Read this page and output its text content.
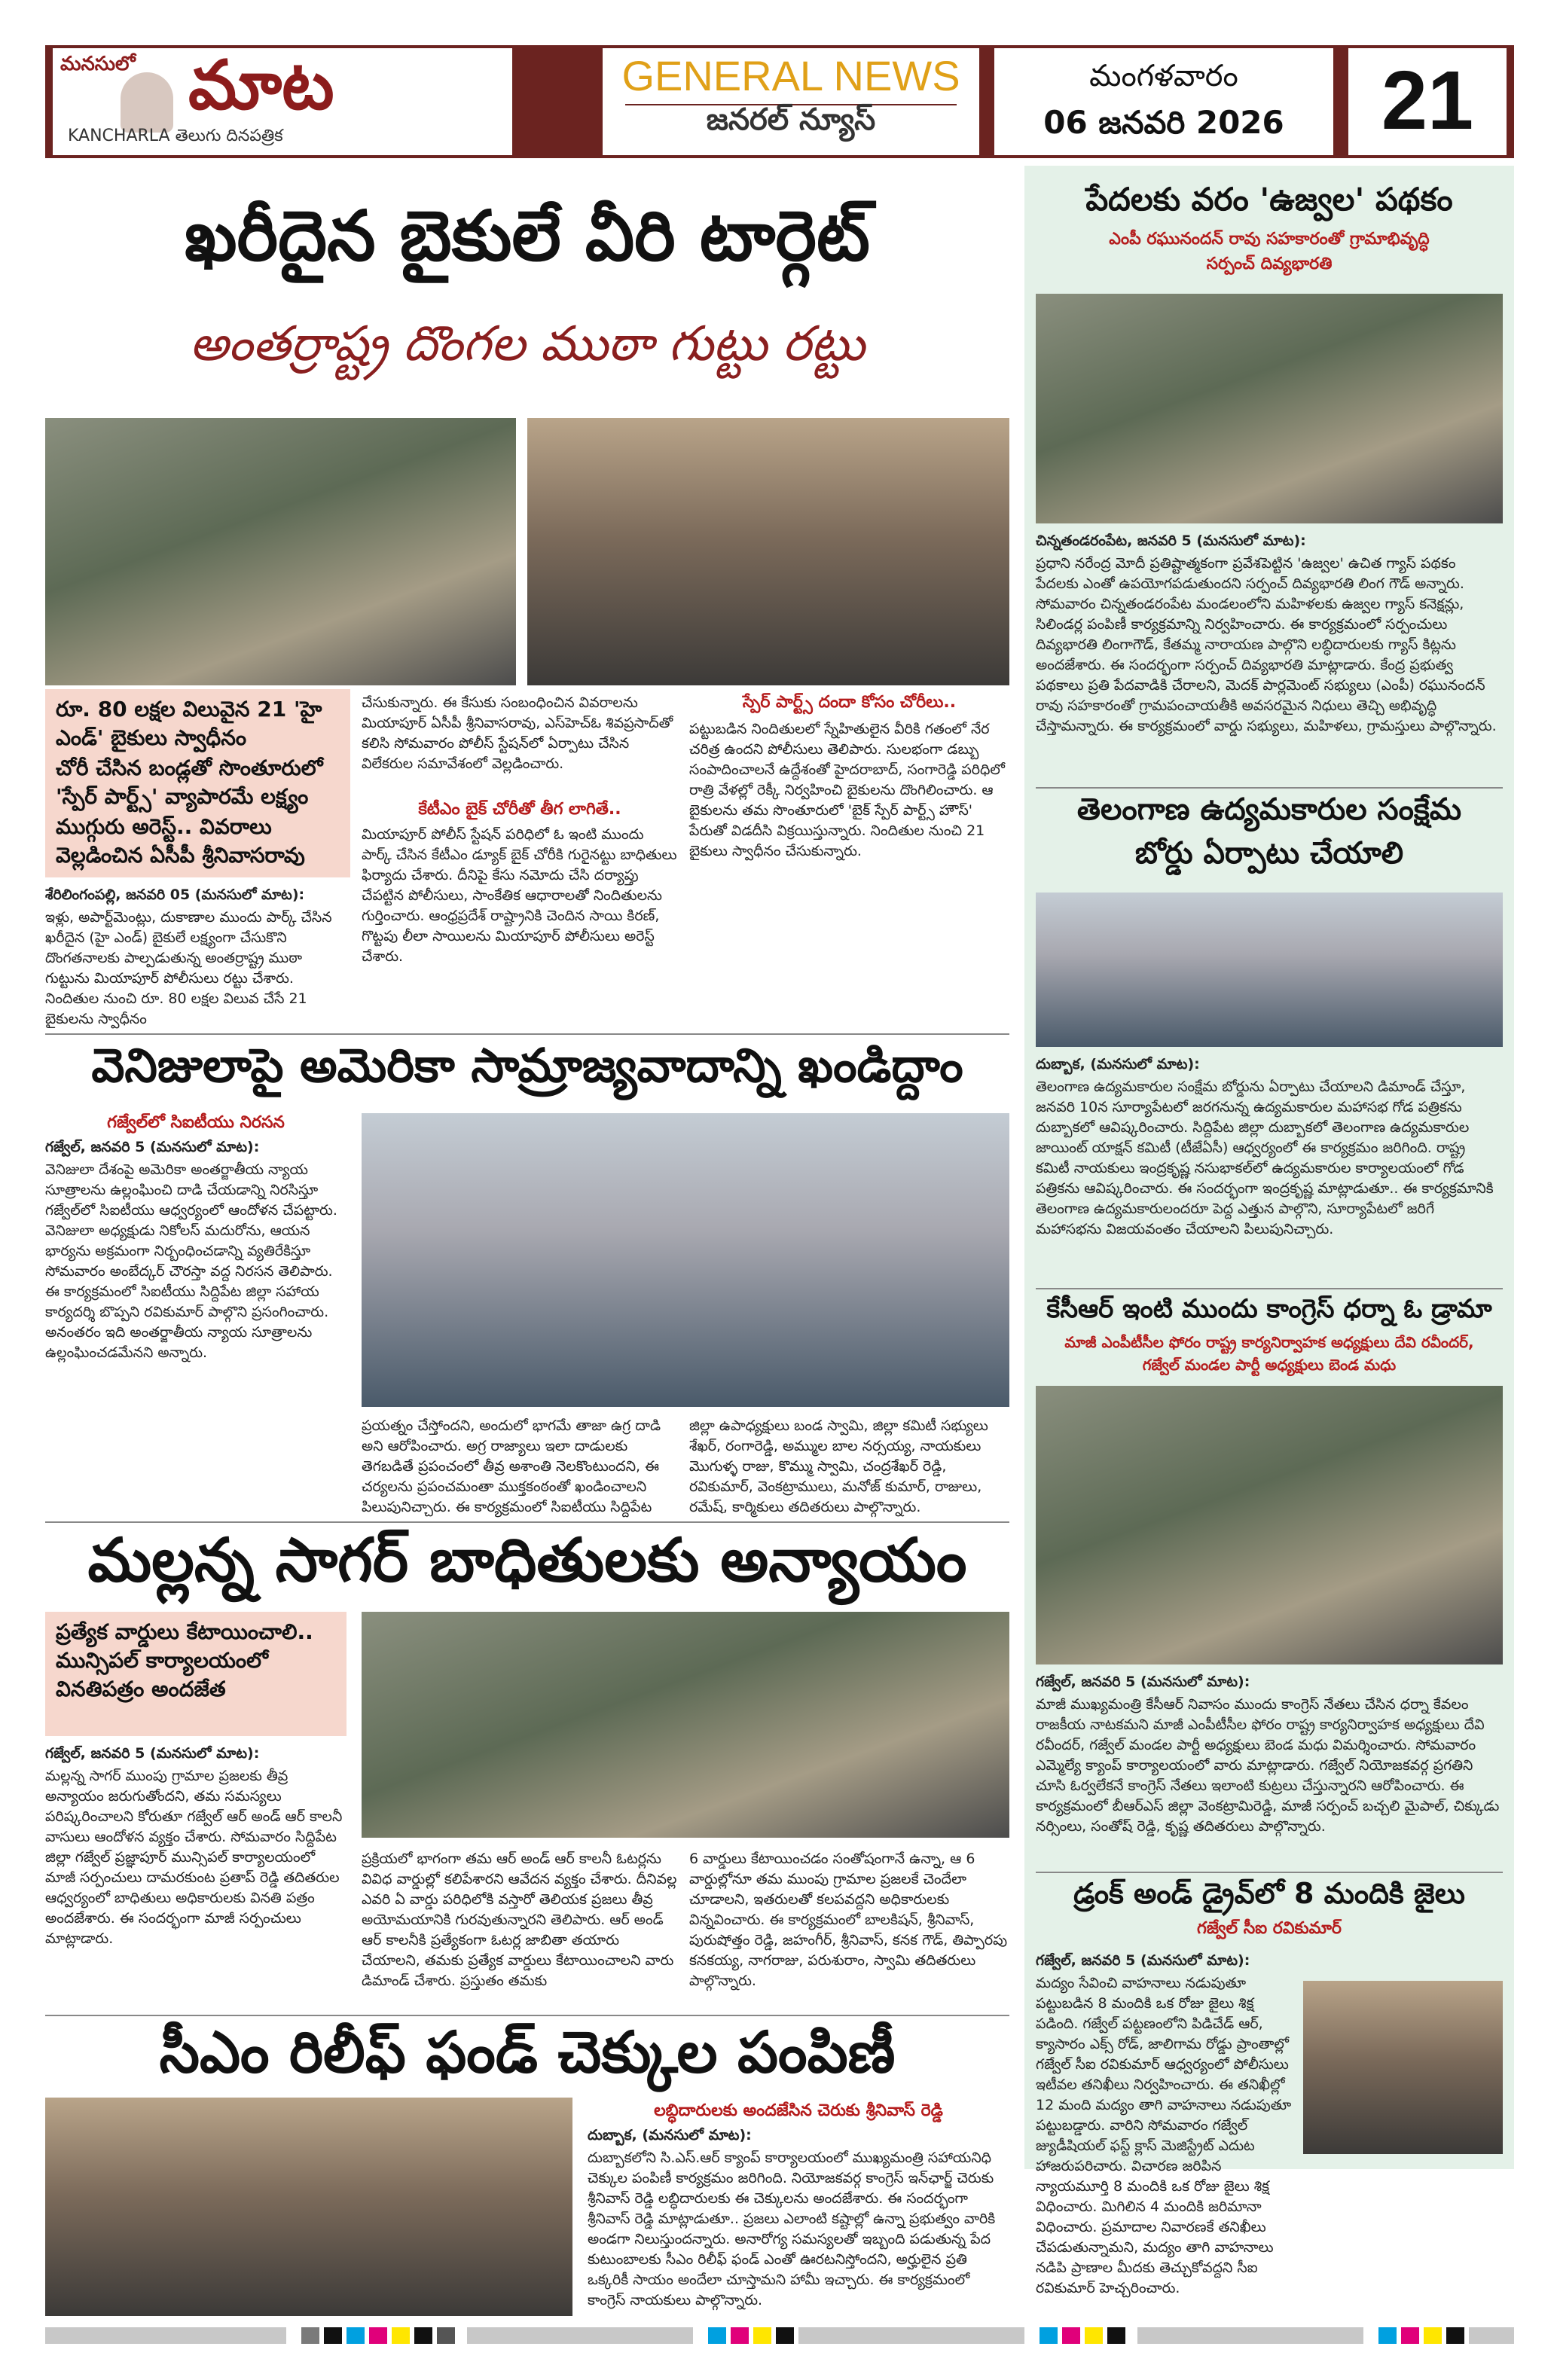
మనసులో మాట
KANCHARLA తెలుగు దినపత్రిక
GENERAL NEWS
జనరల్ న్యూస్
మంగళవారం
06 జనవరి 2026	21
ఖరీదైన బైకులే వీరి టార్గెట్
అంతర్రాష్ట్ర దొంగల ముఠా గుట్టు రట్టు
రూ. 80 లక్షల విలువైన 21 'హై ఎండ్' బైకులు స్వాధీనం
చోరీ చేసిన బండ్లతో సొంతూరులో 'స్పేర్ పార్ట్స్' వ్యాపారమే లక్ష్యం
ముగ్గురు అరెస్ట్.. వివరాలు వెల్లడించిన ఏసీపీ శ్రీనివాసరావు
శేరిలింగంపల్లి, జనవరి 05 (మనసులో మాట):
ఇళ్లు, అపార్ట్‌మెంట్లు, దుకాణాల ముందు పార్క్ చేసిన ఖరీదైన (హై ఎండ్) బైకులే లక్ష్యంగా చేసుకొని దొంగతనాలకు పాల్పడుతున్న అంతర్రాష్ట్ర ముఠా గుట్టును మియాపూర్ పోలీసులు రట్టు చేశారు. నిందితుల నుంచి రూ. 80 లక్షల విలువ చేసే 21 బైకులను స్వాధీనం
చేసుకున్నారు. ఈ కేసుకు సంబంధించిన వివరాలను మియాపూర్ ఏసీపీ శ్రీనివాసరావు, ఎస్‌హెచ్ఓ శివప్రసాద్‌తో కలిసి సోమవారం పోలీస్ స్టేషన్‌లో ఏర్పాటు చేసిన విలేకరుల సమావేశంలో వెల్లడించారు.
కేటీఎం బైక్ చోరీతో తీగ లాగితే..
మియాపూర్ పోలీస్ స్టేషన్ పరిధిలో ఓ ఇంటి ముందు పార్క్ చేసిన కేటీఎం డ్యూక్ బైక్ చోరీకి గురైనట్టు బాధితులు ఫిర్యాదు చేశారు. దీనిపై కేసు నమోదు చేసి దర్యాప్తు చేపట్టిన పోలీసులు, సాంకేతిక ఆధారాలతో నిందితులను గుర్తించారు. ఆంధ్రప్రదేశ్ రాష్ట్రానికి చెందిన సాయి కిరణ్, గొట్టపు లీలా సాయిలను మియాపూర్ పోలీసులు అరెస్ట్ చేశారు.
స్పేర్ పార్ట్స్ దందా కోసం చోరీలు..
పట్టుబడిన నిందితులలో స్నేహితులైన వీరికి గతంలో నేర చరిత్ర ఉందని పోలీసులు తెలిపారు. సులభంగా డబ్బు సంపాదించాలనే ఉద్దేశంతో హైదరాబాద్, సంగారెడ్డి పరిధిలో రాత్రి వేళల్లో రెక్కీ నిర్వహించి బైకులను దొంగిలించారు. ఆ బైకులను తమ సొంతూరులో 'బైక్ స్పేర్ పార్ట్స్ హౌస్' పేరుతో విడదీసి విక్రయిస్తున్నారు. నిందితుల నుంచి 21 బైకులు స్వాధీనం చేసుకున్నారు.
వెనిజులాపై అమెరికా సామ్రాజ్యవాదాన్ని ఖండిద్దాం
గజ్వేల్‌లో సిఐటీయు నిరసన
గజ్వేల్, జనవరి 5 (మనసులో మాట):
వెనిజులా దేశంపై అమెరికా అంతర్జాతీయ న్యాయ సూత్రాలను ఉల్లంఘించి దాడి చేయడాన్ని నిరసిస్తూ గజ్వేల్‌లో సిఐటీయు ఆధ్వర్యంలో ఆందోళన చేపట్టారు. వెనిజులా అధ్యక్షుడు నికోలస్ మదురోను, ఆయన భార్యను అక్రమంగా నిర్బంధించడాన్ని వ్యతిరేకిస్తూ సోమవారం అంబేద్కర్ చౌరస్తా వద్ద నిరసన తెలిపారు. ఈ కార్యక్రమంలో సిఐటీయు సిద్దిపేట జిల్లా సహాయ కార్యదర్శి బొప్పని రవికుమార్ పాల్గొని ప్రసంగించారు. అనంతరం ఇది అంతర్జాతీయ న్యాయ సూత్రాలను ఉల్లంఘించడమేనని అన్నారు.
ప్రయత్నం చేస్తోందని, అందులో భాగమే తాజా ఉగ్ర దాడి అని ఆరోపించారు. అగ్ర రాజ్యాలు ఇలా దాడులకు తెగబడితే ప్రపంచంలో తీవ్ర అశాంతి నెలకొంటుందని, ఈ చర్యలను ప్రపంచమంతా ముక్తకంఠంతో ఖండించాలని పిలుపునిచ్చారు. ఈ కార్యక్రమంలో సిఐటీయు సిద్దిపేట
జిల్లా ఉపాధ్యక్షులు బండ స్వామి, జిల్లా కమిటీ సభ్యులు శేఖర్, రంగారెడ్డి, అమ్ముల బాల నర్సయ్య, నాయకులు మొగుళ్ళ రాజు, కొమ్ము స్వామి, చంద్రశేఖర్ రెడ్డి, రవికుమార్, వెంకట్రాములు, మనోజ్ కుమార్, రాజులు, రమేష్, కార్మికులు తదితరులు పాల్గొన్నారు.
మల్లన్న సాగర్ బాధితులకు అన్యాయం
ప్రత్యేక వార్డులు కేటాయించాలి.. మున్సిపల్ కార్యాలయంలో వినతిపత్రం అందజేత
గజ్వేల్, జనవరి 5 (మనసులో మాట):
మల్లన్న సాగర్ ముంపు గ్రామాల ప్రజలకు తీవ్ర అన్యాయం జరుగుతోందని, తమ సమస్యలు పరిష్కరించాలని కోరుతూ గజ్వేల్ ఆర్ అండ్ ఆర్ కాలనీ వాసులు ఆందోళన వ్యక్తం చేశారు. సోమవారం సిద్దిపేట జిల్లా గజ్వేల్ ప్రజ్ఞాపూర్ మున్సిపల్ కార్యాలయంలో మాజీ సర్పంచులు దామరకుంట ప్రతాప్ రెడ్డి తదితరుల ఆధ్వర్యంలో బాధితులు అధికారులకు వినతి పత్రం అందజేశారు. ఈ సందర్భంగా మాజీ సర్పంచులు మాట్లాడారు.
ప్రక్రియలో భాగంగా తమ ఆర్ అండ్ ఆర్ కాలనీ ఓటర్లను వివిధ వార్డుల్లో కలిపేశారని ఆవేదన వ్యక్తం చేశారు. దీనివల్ల ఎవరి ఏ వార్డు పరిధిలోకి వస్తారో తెలియక ప్రజలు తీవ్ర అయోమయానికి గురవుతున్నారని తెలిపారు. ఆర్ అండ్ ఆర్ కాలనీకి ప్రత్యేకంగా ఓటర్ల జాబితా తయారు చేయాలని, తమకు ప్రత్యేక వార్డులు కేటాయించాలని వారు డిమాండ్ చేశారు. ప్రస్తుతం తమకు
6 వార్డులు కేటాయించడం సంతోషంగానే ఉన్నా, ఆ 6 వార్డుల్లోనూ తమ ముంపు గ్రామాల ప్రజలకే చెందేలా చూడాలని, ఇతరులతో కలపవద్దని అధికారులకు విన్నవించారు. ఈ కార్యక్రమంలో బాలకిషన్, శ్రీనివాస్, పురుషోత్తం రెడ్డి, జహంగీర్, శ్రీనివాస్, కనక గౌడ్, తిప్పారపు కనకయ్య, నాగరాజు, పరుశురాం, స్వామి తదితరులు పాల్గొన్నారు.
సీఎం రిలీఫ్ ఫండ్ చెక్కుల పంపిణీ
లబ్ధిదారులకు అందజేసిన చెరుకు శ్రీనివాస్ రెడ్డి
దుబ్బాక, (మనసులో మాట):
దుబ్బాకలోని సి.ఎస్.ఆర్ క్యాంప్ కార్యాలయంలో ముఖ్యమంత్రి సహాయనిధి చెక్కుల పంపిణీ కార్యక్రమం జరిగింది. నియోజకవర్గ కాంగ్రెస్ ఇన్‌ఛార్జ్ చెరుకు శ్రీనివాస్ రెడ్డి లబ్ధిదారులకు ఈ చెక్కులను అందజేశారు. ఈ సందర్భంగా శ్రీనివాస్ రెడ్డి మాట్లాడుతూ.. ప్రజలు ఎలాంటి కష్టాల్లో ఉన్నా ప్రభుత్వం వారికి అండగా నిలుస్తుందన్నారు. అనారోగ్య సమస్యలతో ఇబ్బంది పడుతున్న పేద కుటుంబాలకు సీఎం రిలీఫ్ ఫండ్ ఎంతో ఊరటనిస్తోందని, అర్హులైన ప్రతి ఒక్కరికీ సాయం అందేలా చూస్తామని హామీ ఇచ్చారు. ఈ కార్యక్రమంలో కాంగ్రెస్ నాయకులు పాల్గొన్నారు.
పేదలకు వరం 'ఉజ్వల' పథకం
ఎంపీ రఘునందన్ రావు సహకారంతో గ్రామాభివృద్ధి
సర్పంచ్ దివ్యభారతి
చిన్నతండరంపేట, జనవరి 5 (మనసులో మాట):
ప్రధాని నరేంద్ర మోదీ ప్రతిష్టాత్మకంగా ప్రవేశపెట్టిన 'ఉజ్వల' ఉచిత గ్యాస్ పథకం పేదలకు ఎంతో ఉపయోగపడుతుందని సర్పంచ్ దివ్యభారతి లింగ గౌడ్ అన్నారు. సోమవారం చిన్నతండరంపేట మండలంలోని మహిళలకు ఉజ్వల గ్యాస్ కనెక్షన్లు, సిలిండర్ల పంపిణీ కార్యక్రమాన్ని నిర్వహించారు. ఈ కార్యక్రమంలో సర్పంచులు దివ్యభారతి లింగాగౌడ్, కేతమ్మ నారాయణ పాల్గొని లబ్ధిదారులకు గ్యాస్ కిట్లను అందజేశారు. ఈ సందర్భంగా సర్పంచ్ దివ్యభారతి మాట్లాడారు. కేంద్ర ప్రభుత్వ పథకాలు ప్రతి పేదవాడికి చేరాలని, మెదక్ పార్లమెంట్ సభ్యులు (ఎంపీ) రఘునందన్ రావు సహకారంతో గ్రామపంచాయతీకి అవసరమైన నిధులు తెచ్చి అభివృద్ధి చేస్తామన్నారు. ఈ కార్యక్రమంలో వార్డు సభ్యులు, మహిళలు, గ్రామస్తులు పాల్గొన్నారు.
తెలంగాణ ఉద్యమకారుల సంక్షేమ
బోర్డు ఏర్పాటు చేయాలి
దుబ్బాక, (మనసులో మాట):
తెలంగాణ ఉద్యమకారుల సంక్షేమ బోర్డును ఏర్పాటు చేయాలని డిమాండ్ చేస్తూ, జనవరి 10న సూర్యాపేటలో జరగనున్న ఉద్యమకారుల మహాసభ గోడ పత్రికను దుబ్బాకలో ఆవిష్కరించారు. సిద్దిపేట జిల్లా దుబ్బాకలో తెలంగాణ ఉద్యమకారుల జాయింట్ యాక్షన్ కమిటీ (టీజేఏసీ) ఆధ్వర్యంలో ఈ కార్యక్రమం జరిగింది. రాష్ట్ర కమిటీ నాయకులు ఇంద్రకృష్ణ నసుభాకల్‌లో ఉద్యమకారుల కార్యాలయంలో గోడ పత్రికను ఆవిష్కరించారు. ఈ సందర్భంగా ఇంద్రకృష్ణ మాట్లాడుతూ.. ఈ కార్యక్రమానికి తెలంగాణ ఉద్యమకారులందరూ పెద్ద ఎత్తున పాల్గొని, సూర్యాపేటలో జరిగే మహాసభను విజయవంతం చేయాలని పిలుపునిచ్చారు.
కేసీఆర్ ఇంటి ముందు కాంగ్రెస్ ధర్నా ఓ డ్రామా
మాజీ ఎంపీటీసీల ఫోరం రాష్ట్ర కార్యనిర్వాహక అధ్యక్షులు దేవి రవీందర్,
గజ్వేల్ మండల పార్టీ అధ్యక్షులు బెండ మధు
గజ్వేల్, జనవరి 5 (మనసులో మాట):
మాజీ ముఖ్యమంత్రి కేసీఆర్ నివాసం ముందు కాంగ్రెస్ నేతలు చేసిన ధర్నా కేవలం రాజకీయ నాటకమని మాజీ ఎంపీటీసీల ఫోరం రాష్ట్ర కార్యనిర్వాహక అధ్యక్షులు దేవి రవీందర్, గజ్వేల్ మండల పార్టీ అధ్యక్షులు బెండ మధు విమర్శించారు. సోమవారం ఎమ్మెల్యే క్యాంప్ కార్యాలయంలో వారు మాట్లాడారు. గజ్వేల్ నియోజకవర్గ ప్రగతిని చూసి ఓర్వలేకనే కాంగ్రెస్ నేతలు ఇలాంటి కుట్రలు చేస్తున్నారని ఆరోపించారు. ఈ కార్యక్రమంలో బీఆర్ఎస్ జిల్లా వెంకట్రామిరెడ్డి, మాజీ సర్పంచ్ బచ్చలి మైపాల్, చిక్కుడు నర్సింలు, సంతోష్ రెడ్డి, కృష్ణ తదితరులు పాల్గొన్నారు.
డ్రంక్ అండ్ డ్రైవ్‌లో 8 మందికి జైలు
గజ్వేల్ సీఐ రవికుమార్
గజ్వేల్, జనవరి 5 (మనసులో మాట):
మద్యం సేవించి వాహనాలు నడుపుతూ పట్టుబడిన 8 మందికి ఒక రోజు జైలు శిక్ష పడింది. గజ్వేల్ పట్టణంలోని పిడిచేడ్ ఆర్, క్యాసారం ఎక్స్ రోడ్, జాలిగామ రోడ్డు ప్రాంతాల్లో గజ్వేల్ సీఐ రవికుమార్ ఆధ్వర్యంలో పోలీసులు ఇటీవల తనిఖీలు నిర్వహించారు. ఈ తనిఖీల్లో 12 మంది మద్యం తాగి వాహనాలు నడుపుతూ పట్టుబడ్డారు. వారిని సోమవారం గజ్వేల్ జ్యుడీషియల్ ఫస్ట్ క్లాస్ మెజిస్ట్రేట్ ఎదుట హాజరుపరిచారు. విచారణ జరిపిన న్యాయమూర్తి 8 మందికి ఒక రోజు జైలు శిక్ష విధించారు. మిగిలిన 4 మందికి జరిమానా విధించారు. ప్రమాదాల నివారణకే తనిఖీలు చేపడుతున్నామని, మద్యం తాగి వాహనాలు నడిపి ప్రాణాల మీదకు తెచ్చుకోవద్దని సీఐ రవికుమార్ హెచ్చరించారు.
